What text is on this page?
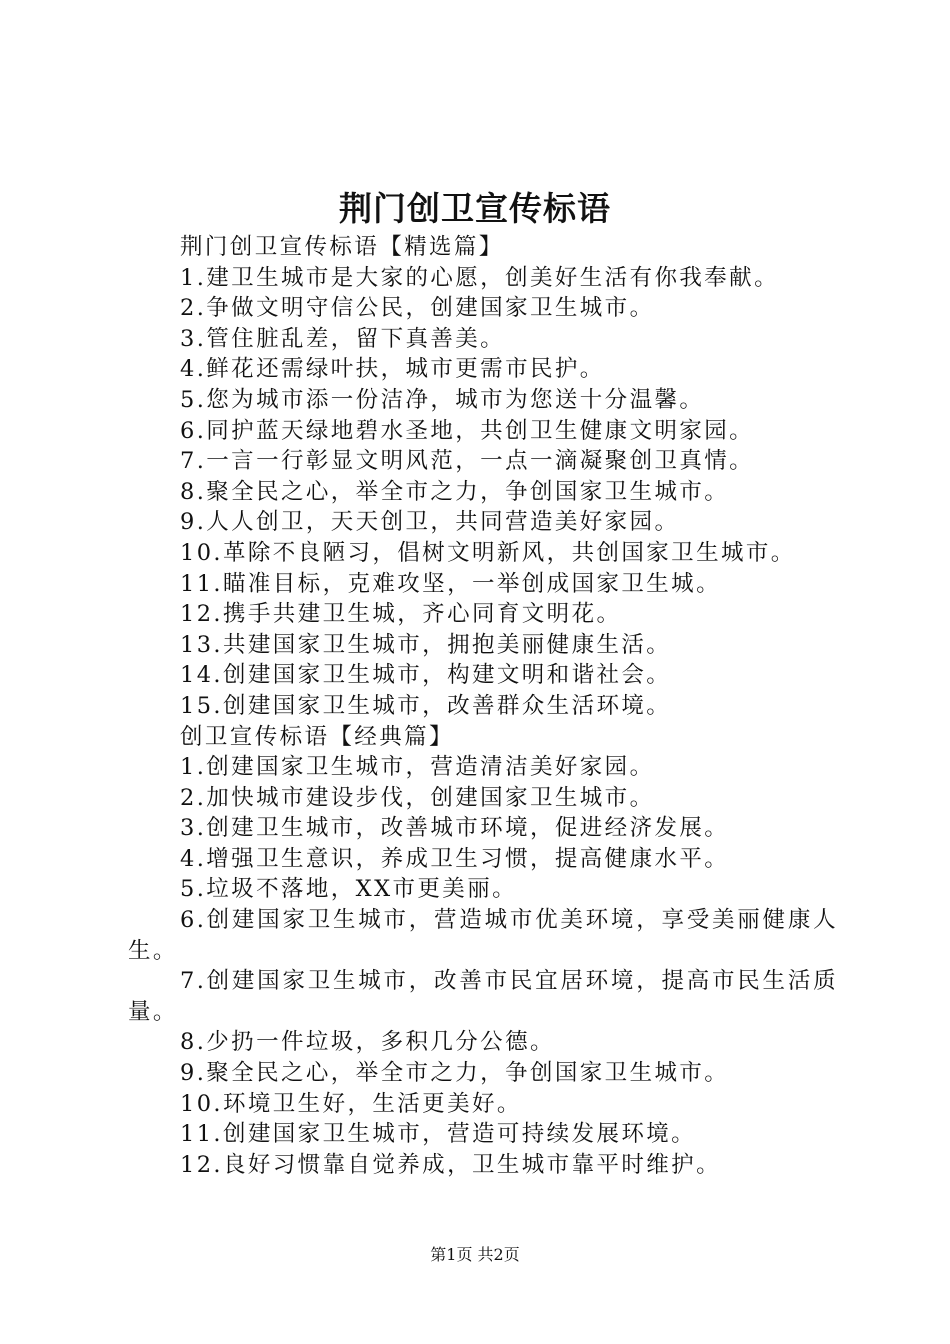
荆门创卫宣传标语

荆门创卫宣传标语【精选篇】

1.建卫生城市是大家的心愿，创美好生活有你我奉献。

2.争做文明守信公民，创建国家卫生城市。

3.管住脏乱差，留下真善美。

4.鲜花还需绿叶扶，城市更需市民护。

5.您为城市添一份洁净，城市为您送十分温馨。

6.同护蓝天绿地碧水圣地，共创卫生健康文明家园。

7.一言一行彰显文明风范，一点一滴凝聚创卫真情。

8.聚全民之心，举全市之力，争创国家卫生城市。

9.人人创卫，天天创卫，共同营造美好家园。

10.革除不良陋习，倡树文明新风，共创国家卫生城市。

11.瞄准目标，克难攻坚，一举创成国家卫生城。

12.携手共建卫生城，齐心同育文明花。

13.共建国家卫生城市，拥抱美丽健康生活。

14.创建国家卫生城市，构建文明和谐社会。

15.创建国家卫生城市，改善群众生活环境。

创卫宣传标语【经典篇】

1.创建国家卫生城市，营造清洁美好家园。

2.加快城市建设步伐，创建国家卫生城市。

3.创建卫生城市，改善城市环境，促进经济发展。

4.增强卫生意识，养成卫生习惯，提高健康水平。

5.垃圾不落地，XX市更美丽。

6.创建国家卫生城市，营造城市优美环境，享受美丽健康人生。

7.创建国家卫生城市，改善市民宜居环境，提高市民生活质量。

8.少扔一件垃圾，多积几分公德。

9.聚全民之心，举全市之力，争创国家卫生城市。

10.环境卫生好，生活更美好。

11.创建国家卫生城市，营造可持续发展环境。

12.良好习惯靠自觉养成，卫生城市靠平时维护。

第1页 共2页
